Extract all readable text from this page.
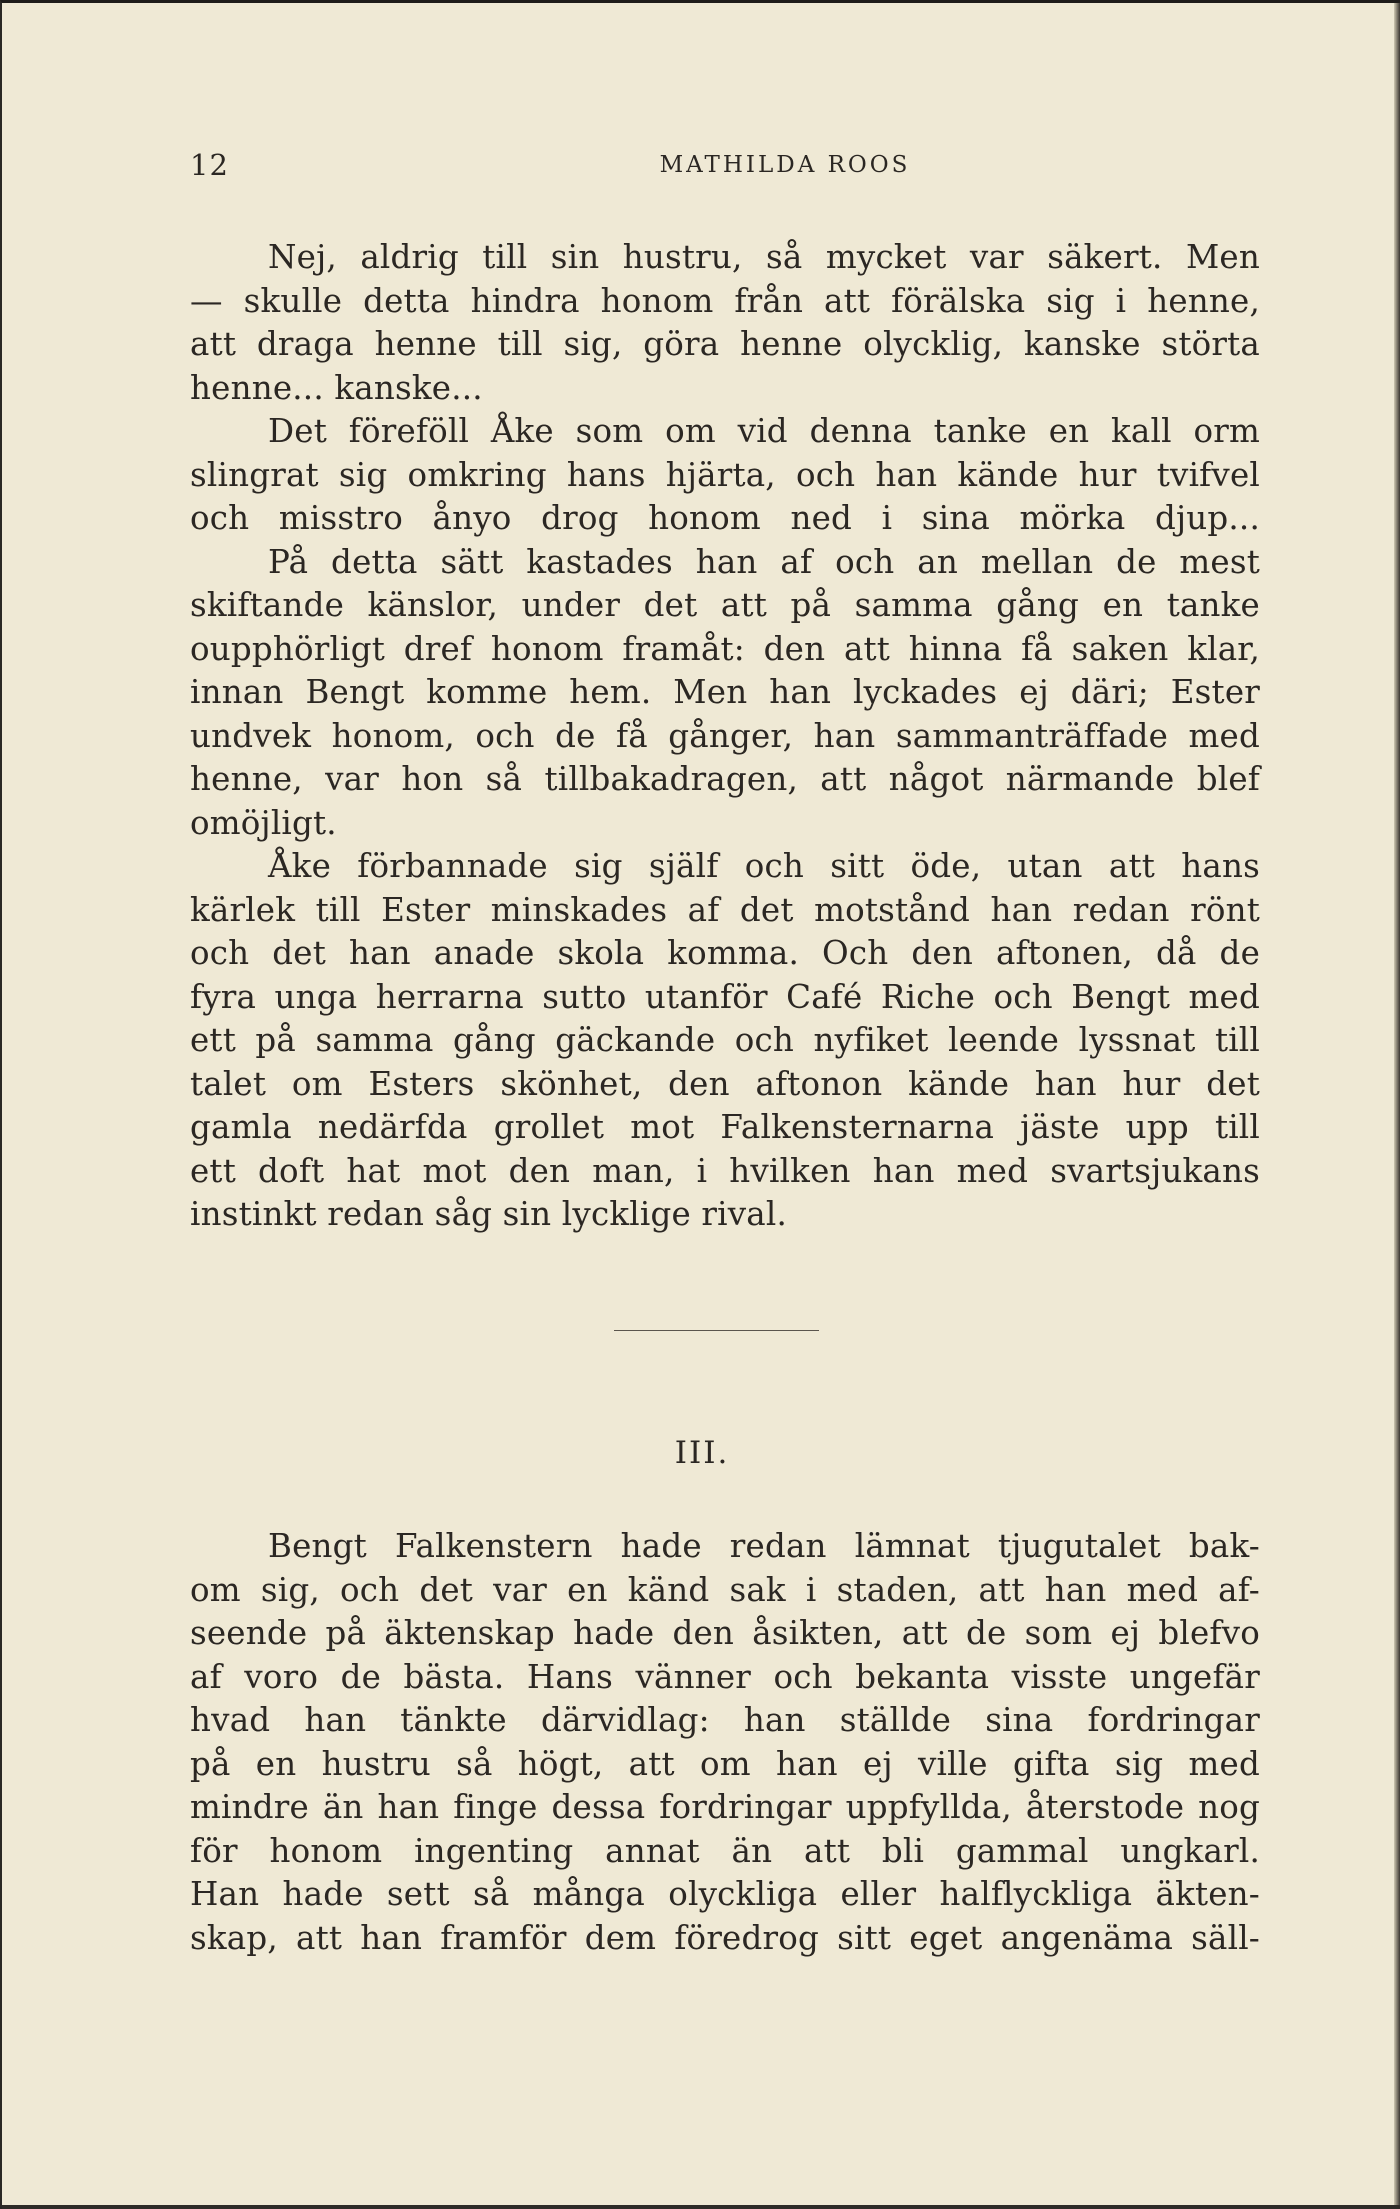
12	MATHILDA ROOS
Nej, aldrig till sin hustru, så mycket var säkert. Men
— skulle detta hindra honom från att förälska sig i henne,
att draga henne till sig, göra henne olycklig, kanske störta
henne... kanske...
Det föreföll Åke som om vid denna tanke en kall orm
slingrat sig omkring hans hjärta, och han kände hur tvifvel
och misstro ånyo drog honom ned i sina mörka djup...
På detta sätt kastades han af och an mellan de mest
skiftande känslor, under det att på samma gång en tanke
oupphörligt dref honom framåt: den att hinna få saken klar,
innan Bengt komme hem. Men han lyckades ej däri; Ester
undvek honom, och de få gånger, han sammanträffade med
henne, var hon så tillbakadragen, att något närmande blef
omöjligt.
Åke förbannade sig själf och sitt öde, utan att hans
kärlek till Ester minskades af det motstånd han redan rönt
och det han anade skola komma. Och den aftonen, då de
fyra unga herrarna sutto utanför Café Riche och Bengt med
ett på samma gång gäckande och nyfiket leende lyssnat till
talet om Esters skönhet, den aftonon kände han hur det
gamla nedärfda grollet mot Falkensternarna jäste upp till
ett doft hat mot den man, i hvilken han med svartsjukans
instinkt redan såg sin lycklige rival.
III.
Bengt Falkenstern hade redan lämnat tjugutalet bak-
om sig, och det var en känd sak i staden, att han med af-
seende på äktenskap hade den åsikten, att de som ej blefvo
af voro de bästa. Hans vänner och bekanta visste ungefär
hvad han tänkte därvidlag: han ställde sina fordringar
på en hustru så högt, att om han ej ville gifta sig med
mindre än han finge dessa fordringar uppfyllda, återstode nog
för honom ingenting annat än att bli gammal ungkarl.
Han hade sett så många olyckliga eller halflyckliga äkten-
skap, att han framför dem föredrog sitt eget angenäma säll-
